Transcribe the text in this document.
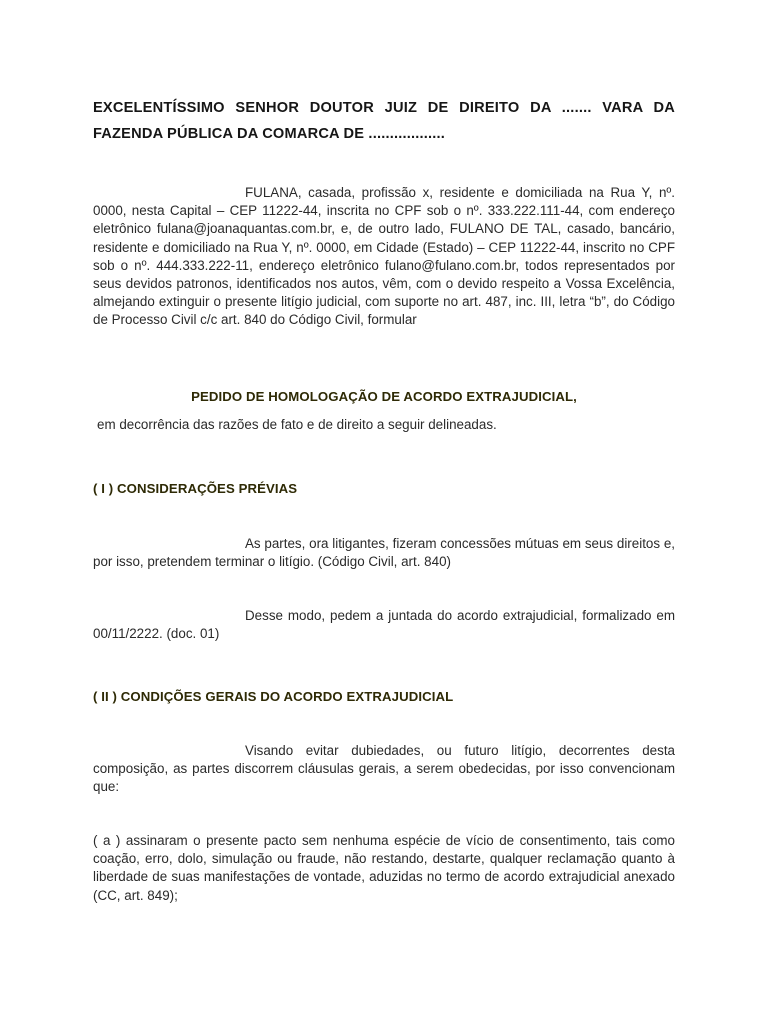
EXCELENTÍSSIMO SENHOR DOUTOR JUIZ DE DIREITO DA ....... VARA DA FAZENDA PÚBLICA DA COMARCA DE ..................
FULANA, casada, profissão x, residente e domiciliada na Rua Y, nº. 0000, nesta Capital – CEP 11222-44, inscrita no CPF sob o nº. 333.222.111-44, com endereço eletrônico fulana@joanaquantas.com.br, e, de outro lado, FULANO DE TAL, casado, bancário, residente e domiciliado na Rua Y, nº. 0000, em Cidade (Estado) – CEP 11222-44, inscrito no CPF sob o nº. 444.333.222-11, endereço eletrônico fulano@fulano.com.br, todos representados por seus devidos patronos, identificados nos autos, vêm, com o devido respeito a Vossa Excelência, almejando extinguir o presente litígio judicial, com suporte no art. 487, inc. III, letra “b”, do Código de Processo Civil c/c art. 840 do Código Civil, formular
PEDIDO DE HOMOLOGAÇÃO DE ACORDO EXTRAJUDICIAL,
em decorrência das razões de fato e de direito a seguir delineadas.
( I ) CONSIDERAÇÕES PRÉVIAS
As partes, ora litigantes, fizeram concessões mútuas em seus direitos e, por isso, pretendem terminar o litígio. (Código Civil, art. 840)
Desse modo, pedem a juntada do acordo extrajudicial, formalizado em 00/11/2222. (doc. 01)
( II ) CONDIÇÕES GERAIS DO ACORDO EXTRAJUDICIAL
Visando evitar dubiedades, ou futuro litígio, decorrentes desta composição, as partes discorrem cláusulas gerais, a serem obedecidas, por isso convencionam que:
( a ) assinaram o presente pacto sem nenhuma espécie de vício de consentimento, tais como coação, erro, dolo, simulação ou fraude, não restando, destarte, qualquer reclamação quanto à liberdade de suas manifestações de vontade, aduzidas no termo de acordo extrajudicial anexado (CC, art. 849);
